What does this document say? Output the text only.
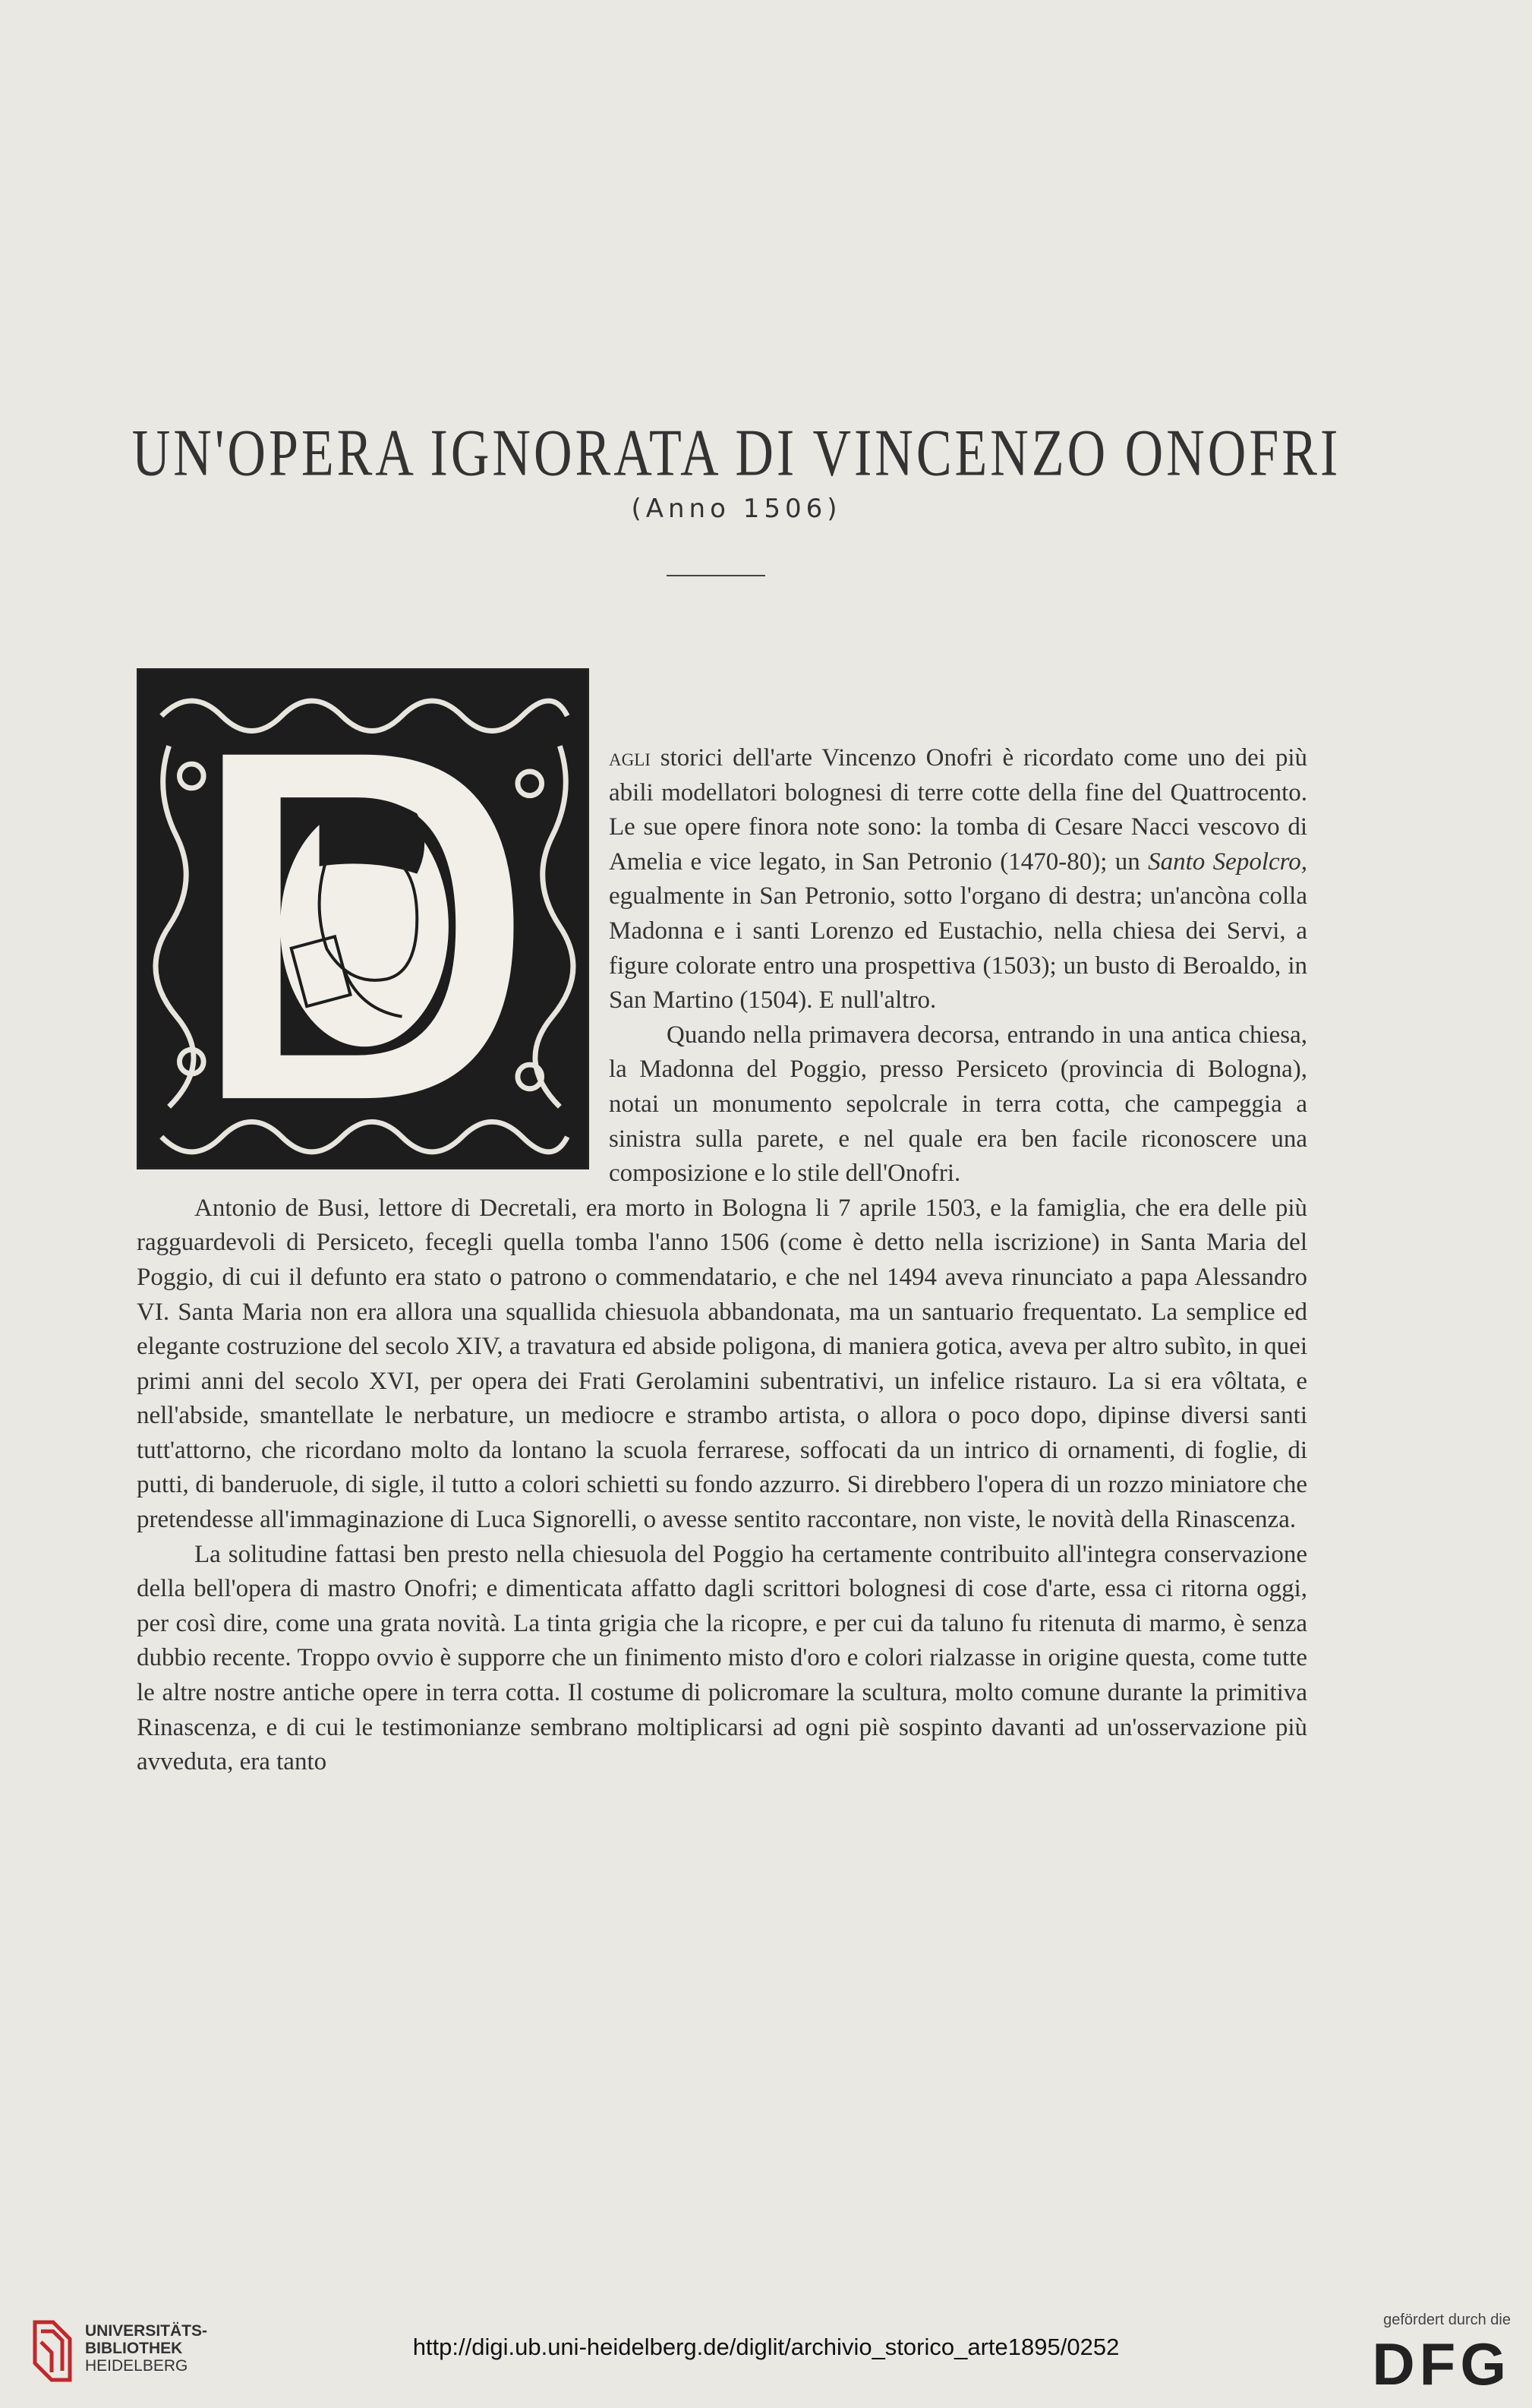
UN'OPERA IGNORATA DI VINCENZO ONOFRI
(Anno 1506)

agli storici dell'arte Vincenzo Onofri è ricordato come uno dei più abili modellatori bolognesi di terre cotte della fine del Quattrocento. Le sue opere finora note sono: la tomba di Cesare Nacci vescovo di Amelia e vice legato, in San Petronio (1470-80); un Santo Sepolcro, egualmente in San Petronio, sotto l'organo di destra; un'ancòna colla Madonna e i santi Lorenzo ed Eustachio, nella chiesa dei Servi, a figure colorate entro una prospettiva (1503); un busto di Beroaldo, in San Martino (1504). E null'altro.

Quando nella primavera decorsa, entrando in una antica chiesa, la Madonna del Poggio, presso Persiceto (provincia di Bologna), notai un monumento sepolcrale in terra cotta, che campeggia a sinistra sulla parete, e nel quale era ben facile riconoscere una composizione e lo stile dell'Onofri.

Antonio de Busi, lettore di Decretali, era morto in Bologna li 7 aprile 1503, e la famiglia, che era delle più ragguardevoli di Persiceto, fecegli quella tomba l'anno 1506 (come è detto nella iscrizione) in Santa Maria del Poggio, di cui il defunto era stato o patrono o commendatario, e che nel 1494 aveva rinunciato a papa Alessandro VI. Santa Maria non era allora una squallida chiesuola abbandonata, ma un santuario frequentato. La semplice ed elegante costruzione del secolo XIV, a travatura ed abside poligona, di maniera gotica, aveva per altro subìto, in quei primi anni del secolo XVI, per opera dei Frati Gerolamini subentrativi, un infelice ristauro. La si era vôltata, e nell'abside, smantellate le nerbature, un mediocre e strambo artista, o allora o poco dopo, dipinse diversi santi tutt'attorno, che ricordano molto da lontano la scuola ferrarese, soffocati da un intrico di ornamenti, di foglie, di putti, di banderuole, di sigle, il tutto a colori schietti su fondo azzurro. Si direbbero l'opera di un rozzo miniatore che pretendesse all'immaginazione di Luca Signorelli, o avesse sentito raccontare, non viste, le novità della Rinascenza.

La solitudine fattasi ben presto nella chiesuola del Poggio ha certamente contribuito all'integra conservazione della bell'opera di mastro Onofri; e dimenticata affatto dagli scrittori bolognesi di cose d'arte, essa ci ritorna oggi, per così dire, come una grata novità. La tinta grigia che la ricopre, e per cui da taluno fu ritenuta di marmo, è senza dubbio recente. Troppo ovvio è supporre che un finimento misto d'oro e colori rialzasse in origine questa, come tutte le altre nostre antiche opere in terra cotta. Il costume di policromare la scultura, molto comune durante la primitiva Rinascenza, e di cui le testimonianze sembrano moltiplicarsi ad ogni piè sospinto davanti ad un'osservazione più avveduta, era tanto

UNIVERSITÄTS-
BIBLIOTHEK
HEIDELBERG
http://digi.ub.uni-heidelberg.de/diglit/archivio_storico_arte1895/0252
gefördert durch die
DFG
